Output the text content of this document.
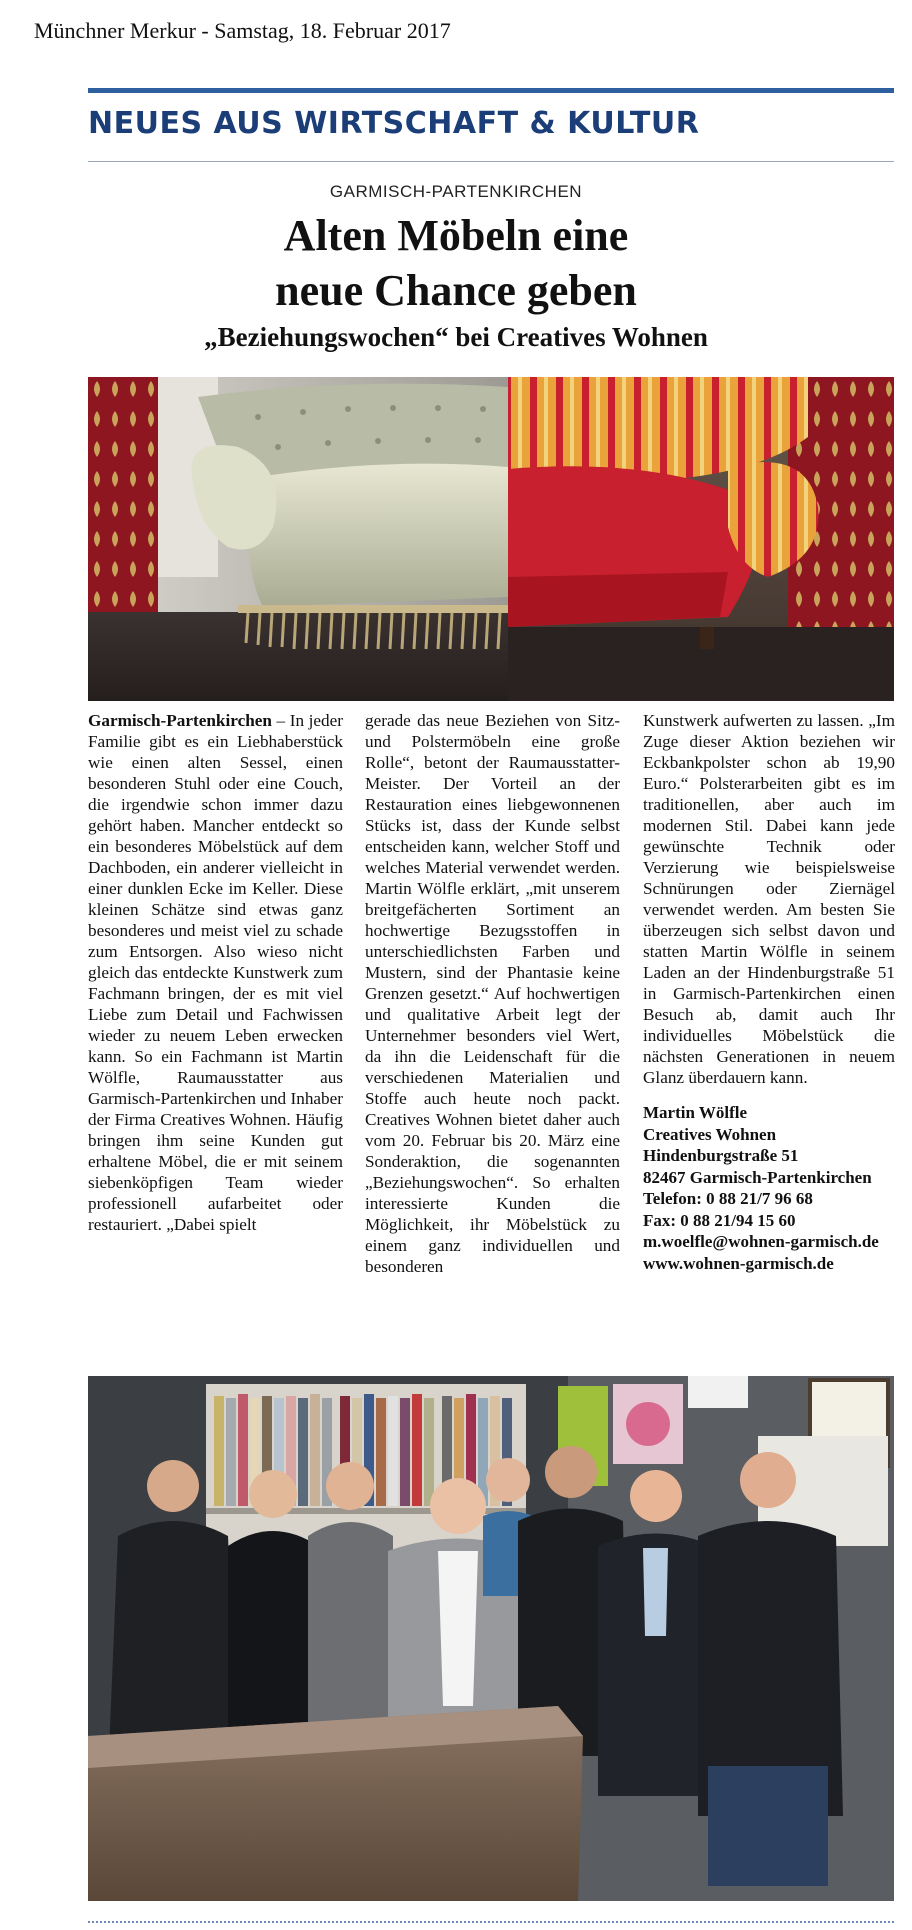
Münchner Merkur - Samstag, 18. Februar 2017
NEUES AUS WIRTSCHAFT & KULTUR
GARMISCH-PARTENKIRCHEN
Alten Möbeln eine
neue Chance geben
„Beziehungswochen“ bei Creatives Wohnen

Garmisch-Partenkirchen – In jeder Familie gibt es ein Liebhaberstück wie einen alten Sessel, einen besonderen Stuhl oder eine Couch, die irgendwie schon immer dazu gehört haben. Mancher entdeckt so ein besonderes Möbelstück auf dem Dachboden, ein anderer vielleicht in einer dunklen Ecke im Keller. Diese kleinen Schätze sind etwas ganz besonderes und meist viel zu schade zum Entsorgen. Also wieso nicht gleich das entdeckte Kunstwerk zum Fachmann bringen, der es mit viel Liebe zum Detail und Fachwissen wieder zu neuem Leben erwecken kann. So ein Fachmann ist Martin Wölfle, Raumausstatter aus Garmisch-Partenkirchen und Inhaber der Firma Creatives Wohnen. Häufig bringen ihm seine Kunden gut erhaltene Möbel, die er mit seinem siebenköpfigen Team wieder professionell aufarbeitet oder restauriert. „Dabei spielt

gerade das neue Beziehen von Sitz- und Polstermöbeln eine große Rolle“, betont der Raumausstatter-Meister. Der Vorteil an der Restauration eines liebgewonnenen Stücks ist, dass der Kunde selbst entscheiden kann, welcher Stoff und welches Material verwendet werden. Martin Wölfle erklärt, „mit unserem breitgefächerten Sortiment an hochwertige Bezugsstoffen in unterschiedlichsten Farben und Mustern, sind der Phantasie keine Grenzen gesetzt.“ Auf hochwertigen und qualitative Arbeit legt der Unternehmer besonders viel Wert, da ihn die Leidenschaft für die verschiedenen Materialien und Stoffe auch heute noch packt. Creatives Wohnen bietet daher auch vom 20. Februar bis 20. März eine Sonderaktion, die sogenannten „Beziehungswochen“. So erhalten interessierte Kunden die Möglichkeit, ihr Möbelstück zu einem ganz individuellen und besonderen

Kunstwerk aufwerten zu lassen. „Im Zuge dieser Aktion beziehen wir Eckbankpolster schon ab 19,90 Euro.“ Polsterarbeiten gibt es im traditionellen, aber auch im modernen Stil. Dabei kann jede gewünschte Technik oder Verzierung wie beispielsweise Schnürungen oder Ziernägel verwendet werden. Am besten Sie überzeugen sich selbst davon und statten Martin Wölfle in seinem Laden an der Hindenburgstraße 51 in Garmisch-Partenkirchen einen Besuch ab, damit auch Ihr individuelles Möbelstück die nächsten Generationen in neuem Glanz überdauern kann.

Martin Wölfle
Creatives Wohnen
Hindenburgstraße 51
82467 Garmisch-Partenkirchen
Telefon: 0 88 21/7 96 68
Fax: 0 88 21/94 15 60
m.woelfle@wohnen-garmisch.de
www.wohnen-garmisch.de
